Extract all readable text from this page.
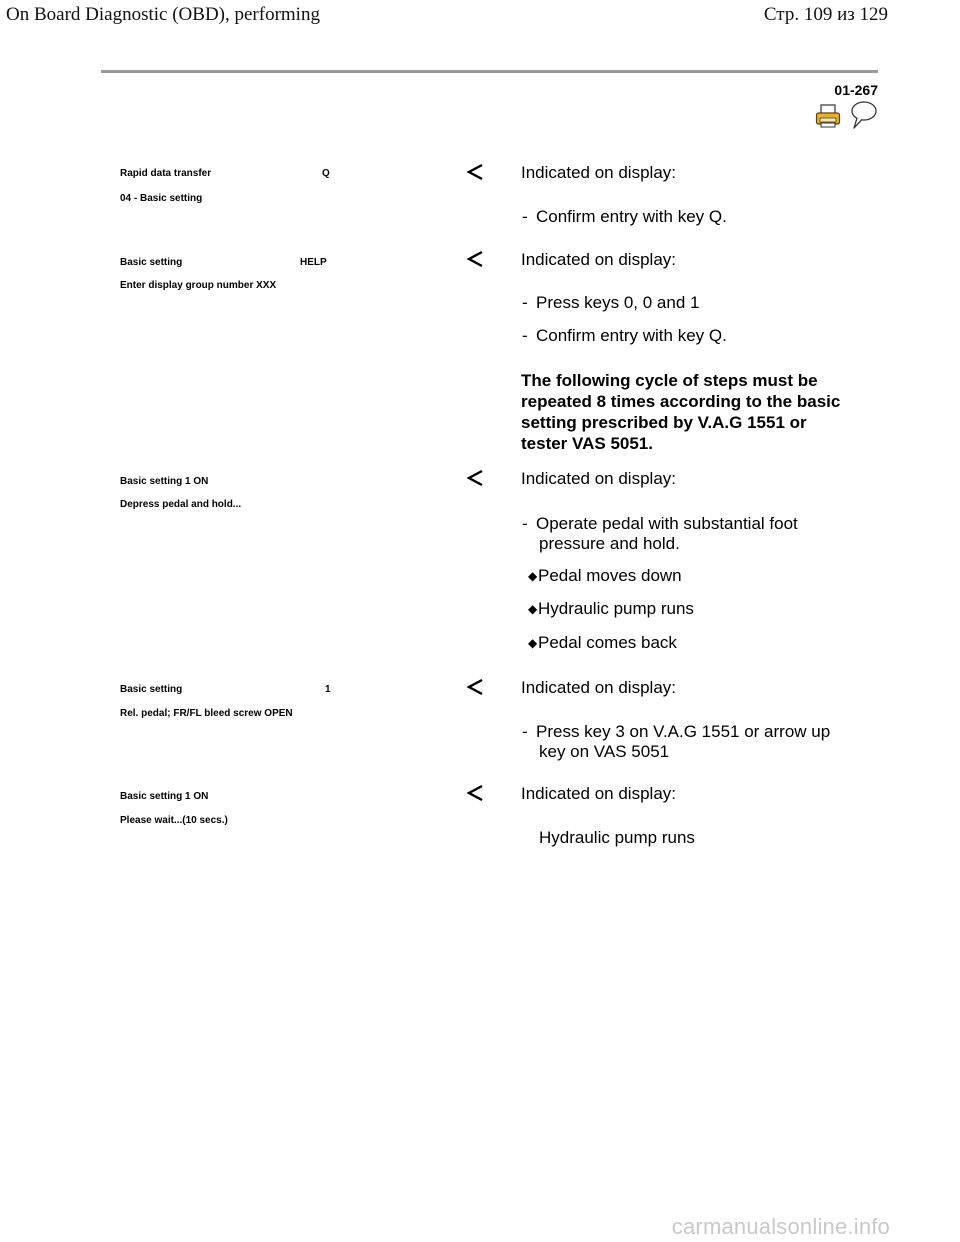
On Board Diagnostic (OBD), performing	Стр. 109 из 129
01-267
Rapid data transfer	Q
04 - Basic setting
Indicated on display:
- Confirm entry with key Q.
Basic setting	HELP
Enter display group number XXX
Indicated on display:
- Press keys 0, 0 and 1
- Confirm entry with key Q.
The following cycle of steps must be
repeated 8 times according to the basic
setting prescribed by V.A.G 1551 or
tester VAS 5051.
Basic setting 1 ON
Depress pedal and hold...
Indicated on display:
- Operate pedal with substantial foot
pressure and hold.
◆Pedal moves down
◆Hydraulic pump runs
◆Pedal comes back
Basic setting	1
Rel. pedal; FR/FL bleed screw OPEN
Indicated on display:
- Press key 3 on V.A.G 1551 or arrow up
key on VAS 5051
Basic setting 1 ON
Please wait...(10 secs.)
Indicated on display:
Hydraulic pump runs
carmanualsonline.info
